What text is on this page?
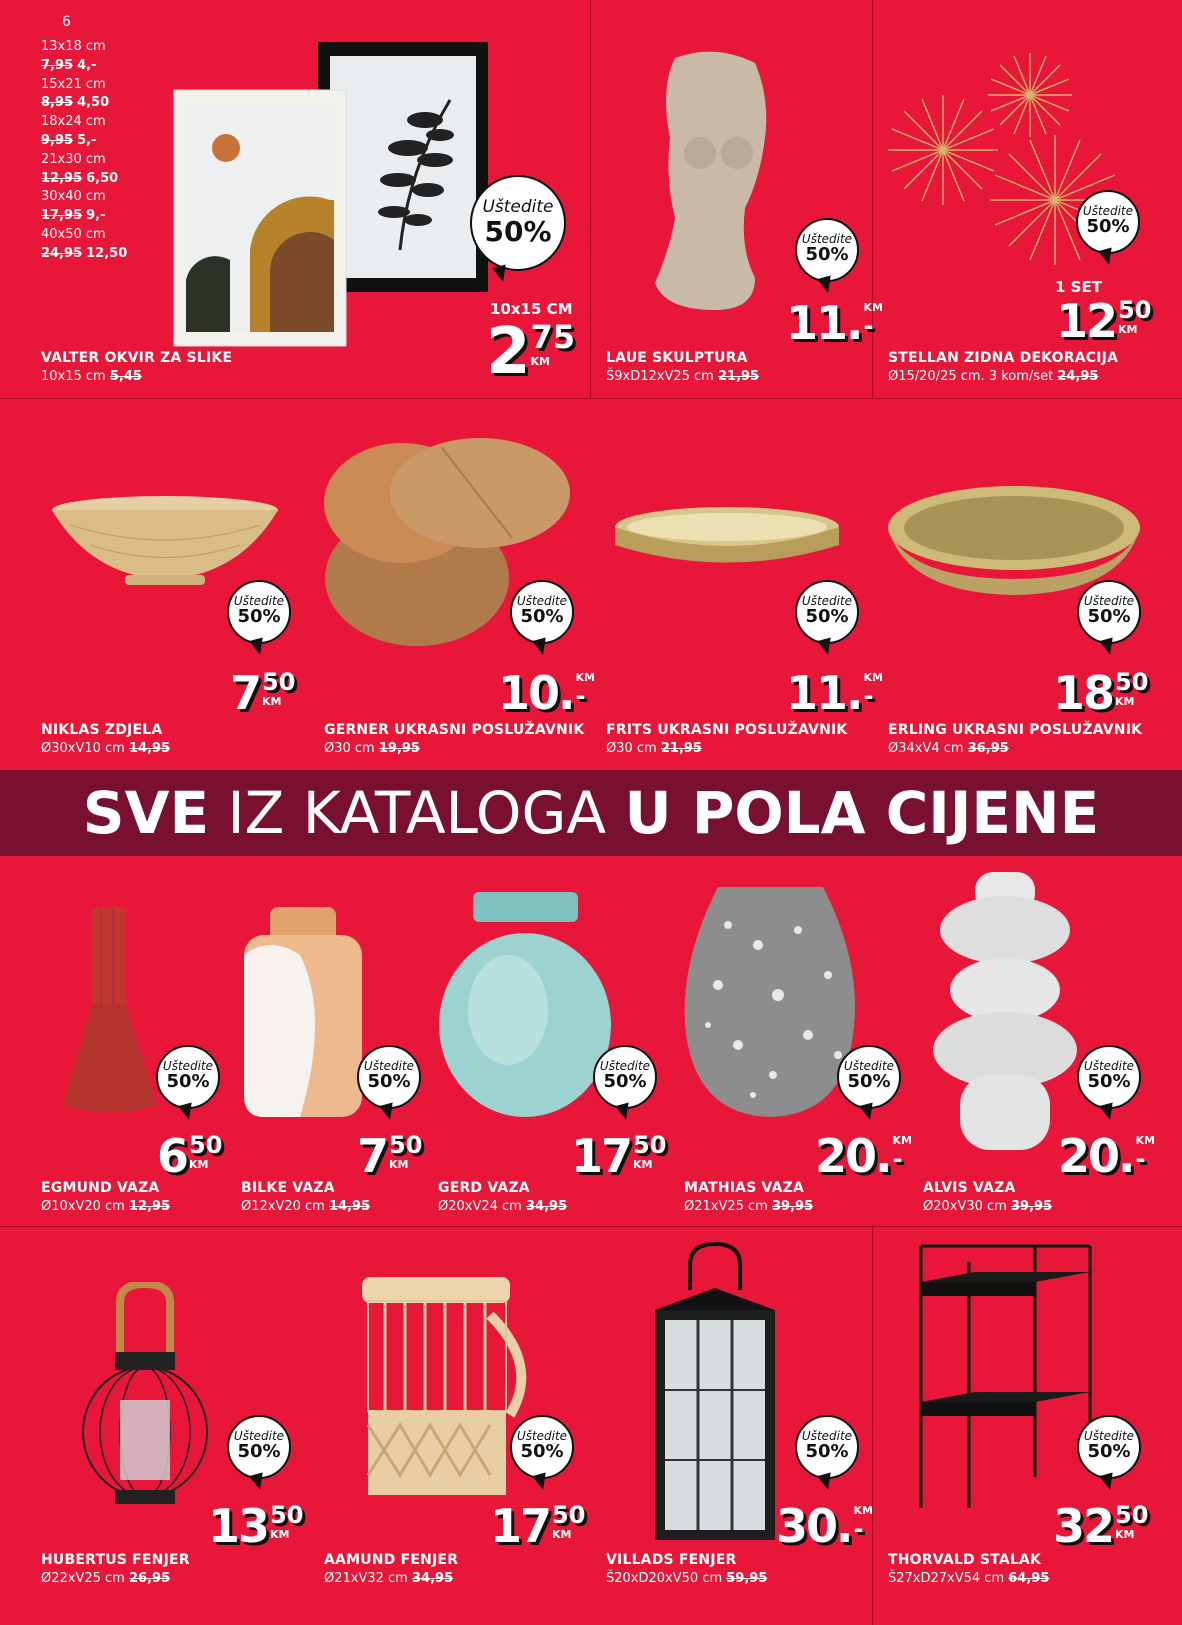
6
13x18 cm
7,95 4,-
15x21 cm
8,95 4,50
18x24 cm
9,95 5,-
21x30 cm
12,95 6,50
30x40 cm
17,95 9,-
40x50 cm
24,95 12,50
Uštedite
50%
10x15 CM
2 75
KM
VALTER OKVIR ZA SLIKE
10x15 cm 5,45
Uštedite
50%
11. KM
-
LAUE SKULPTURA
Š9xD12xV25 cm 21,95
Uštedite
50%
1 SET
12 50
KM
STELLAN ZIDNA DEKORACIJA
Ø15/20/25 cm. 3 kom/set 24,95
Uštedite
50%
7 50
KM
NIKLAS ZDJELA
Ø30xV10 cm 14,95
Uštedite
50%
10. KM
-
GERNER UKRASNI POSLUŽAVNIK
Ø30 cm 19,95
Uštedite
50%
11. KM
-
FRITS UKRASNI POSLUŽAVNIK
Ø30 cm 21,95
Uštedite
50%
18 50
KM
ERLING UKRASNI POSLUŽAVNIK
Ø34xV4 cm 36,95
SVE IZ KATALOGA U POLA CIJENE
Uštedite
50%
6 50
KM
EGMUND VAZA
Ø10xV20 cm 12,95
Uštedite
50%
7 50
KM
BILKE VAZA
Ø12xV20 cm 14,95
Uštedite
50%
17 50
KM
GERD VAZA
Ø20xV24 cm 34,95
Uštedite
50%
20. KM
-
MATHIAS VAZA
Ø21xV25 cm 39,95
Uštedite
50%
20. KM
-
ALVIS VAZA
Ø20xV30 cm 39,95
Uštedite
50%
13 50
KM
HUBERTUS FENJER
Ø22xV25 cm 26,95
Uštedite
50%
17 50
KM
AAMUND FENJER
Ø21xV32 cm 34,95
Uštedite
50%
30. KM
-
VILLADS FENJER
Š20xD20xV50 cm 59,95
Uštedite
50%
32 50
KM
THORVALD STALAK
Š27xD27xV54 cm 64,95
